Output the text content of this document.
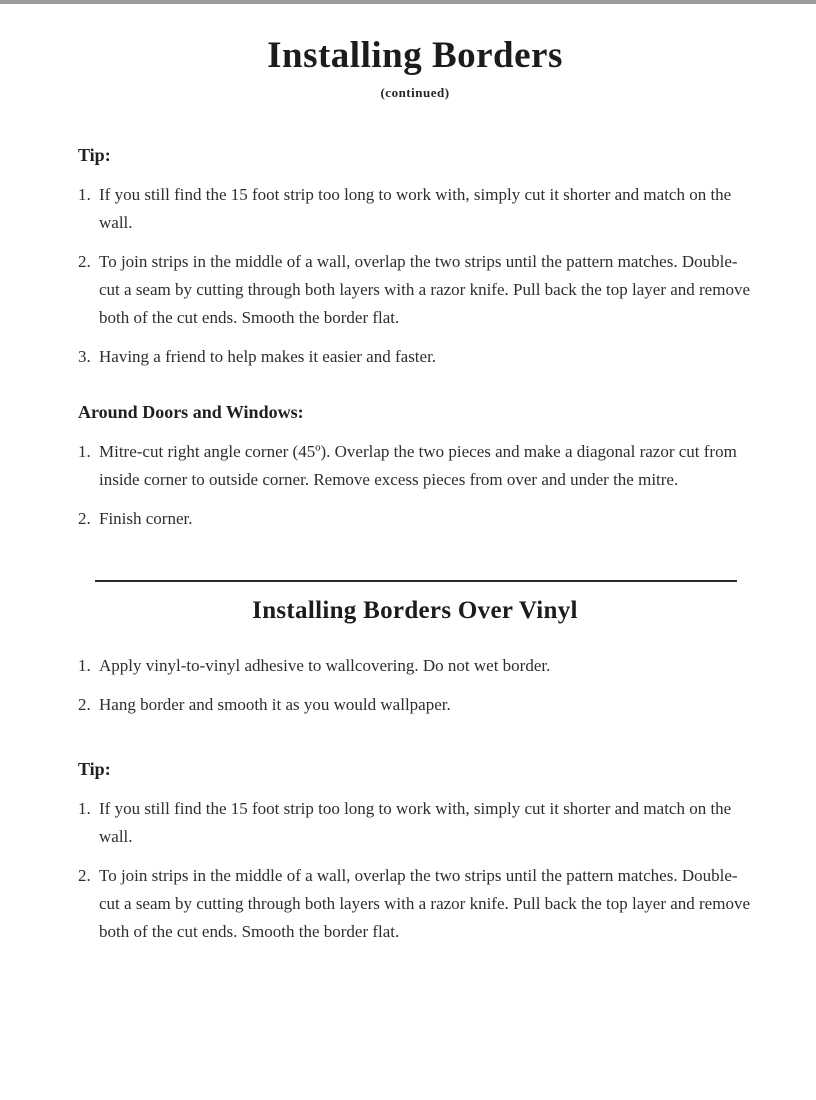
Installing Borders
(continued)
Tip:
1. If you still find the 15 foot strip too long to work with, simply cut it shorter and match on the wall.
2. To join strips in the middle of a wall, overlap the two strips until the pattern matches. Double-cut a seam by cutting through both layers with a razor knife. Pull back the top layer and remove both of the cut ends. Smooth the border flat.
3. Having a friend to help makes it easier and faster.
Around Doors and Windows:
1. Mitre-cut right angle corner (45º). Overlap the two pieces and make a diagonal razor cut from inside corner to outside corner. Remove excess pieces from over and under the mitre.
2. Finish corner.
Installing Borders Over Vinyl
1. Apply vinyl-to-vinyl adhesive to wallcovering. Do not wet border.
2. Hang border and smooth it as you would wallpaper.
Tip:
1. If you still find the 15 foot strip too long to work with, simply cut it shorter and match on the wall.
2. To join strips in the middle of a wall, overlap the two strips until the pattern matches. Double-cut a seam by cutting through both layers with a razor knife. Pull back the top layer and remove both of the cut ends. Smooth the border flat.
